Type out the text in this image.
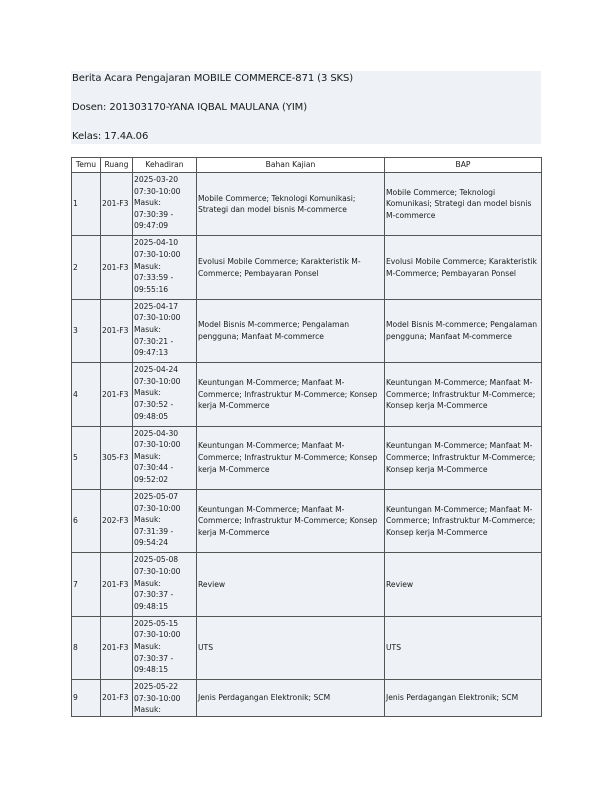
Berita Acara Pengajaran MOBILE COMMERCE-871 (3 SKS)
Dosen: 201303170-YANA IQBAL MAULANA (YIM)
Kelas: 17.4A.06
Temu	Ruang	Kehadiran	Bahan Kajian	BAP
1	201-F3	2025-03-20
07:30-10:00
Masuk:
07:30:39 -
09:47:09	Mobile Commerce; Teknologi Komunikasi; Strategi dan model bisnis M-commerce	Mobile Commerce; Teknologi Komunikasi; Strategi dan model bisnis M-commerce
2	201-F3	2025-04-10
07:30-10:00
Masuk:
07:33:59 -
09:55:16	Evolusi Mobile Commerce; Karakteristik M-Commerce; Pembayaran Ponsel	Evolusi Mobile Commerce; Karakteristik M-Commerce; Pembayaran Ponsel
3	201-F3	2025-04-17
07:30-10:00
Masuk:
07:30:21 -
09:47:13	Model Bisnis M-commerce; Pengalaman pengguna; Manfaat M-commerce	Model Bisnis M-commerce; Pengalaman pengguna; Manfaat M-commerce
4	201-F3	2025-04-24
07:30-10:00
Masuk:
07:30:52 -
09:48:05	Keuntungan M-Commerce; Manfaat M-Commerce; Infrastruktur M-Commerce; Konsep kerja M-Commerce	Keuntungan M-Commerce; Manfaat M-Commerce; Infrastruktur M-Commerce; Konsep kerja M-Commerce
5	305-F3	2025-04-30
07:30-10:00
Masuk:
07:30:44 -
09:52:02	Keuntungan M-Commerce; Manfaat M-Commerce; Infrastruktur M-Commerce; Konsep kerja M-Commerce	Keuntungan M-Commerce; Manfaat M-Commerce; Infrastruktur M-Commerce; Konsep kerja M-Commerce
6	202-F3	2025-05-07
07:30-10:00
Masuk:
07:31:39 -
09:54:24	Keuntungan M-Commerce; Manfaat M-Commerce; Infrastruktur M-Commerce; Konsep kerja M-Commerce	Keuntungan M-Commerce; Manfaat M-Commerce; Infrastruktur M-Commerce; Konsep kerja M-Commerce
7	201-F3	2025-05-08
07:30-10:00
Masuk:
07:30:37 -
09:48:15	Review	Review
8	201-F3	2025-05-15
07:30-10:00
Masuk:
07:30:37 -
09:48:15	UTS	UTS
9	201-F3	2025-05-22
07:30-10:00
Masuk:	Jenis Perdagangan Elektronik; SCM	Jenis Perdagangan Elektronik; SCM
